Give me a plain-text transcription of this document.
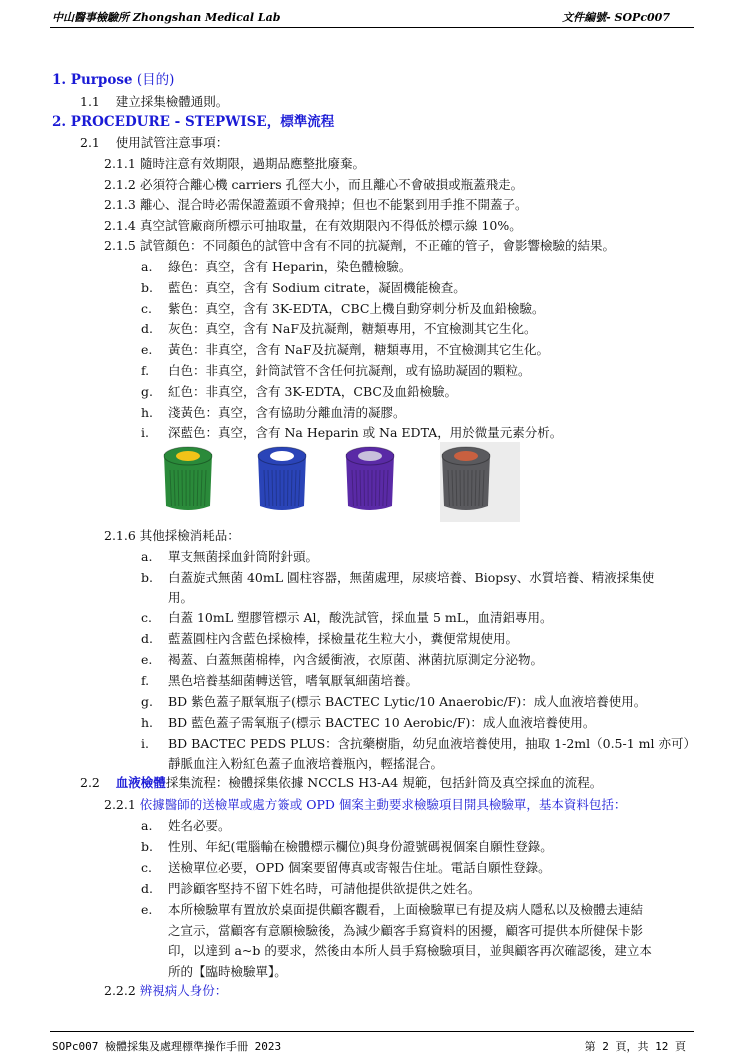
中山醫事檢驗所 Zhongshan Medical Lab	文件編號- SOPc007
1. Purpose (目的)
1.1 建立採集檢體通則。
2. PROCEDURE - STEPWISE，標準流程
2.1 使用試管注意事項：
2.1.1 隨時注意有效期限，過期品應整批廢棄。
2.1.2 必須符合離心機 carriers 孔徑大小，而且離心不會破損或瓶蓋飛走。
2.1.3 離心、混合時必需保證蓋頭不會飛掉；但也不能緊到用手推不開蓋子。
2.1.4 真空試管廠商所標示可抽取量，在有效期限內不得低於標示線 10%。
2.1.5 試管顏色：不同顏色的試管中含有不同的抗凝劑，不正確的管子，會影響檢驗的結果。
a. 綠色：真空，含有 Heparin，染色體檢驗。
b. 藍色：真空，含有 Sodium citrate，凝固機能檢查。
c. 紫色：真空，含有 3K-EDTA，CBC上機自動穿刺分析及血鉛檢驗。
d. 灰色：真空，含有 NaF及抗凝劑，糖類專用，不宜檢測其它生化。
e. 黃色：非真空，含有 NaF及抗凝劑，糖類專用，不宜檢測其它生化。
f. 白色：非真空，針筒試管不含任何抗凝劑，或有協助凝固的顆粒。
g. 紅色：非真空，含有 3K-EDTA，CBC及血鉛檢驗。
h. 淺黃色：真空，含有協助分離血清的凝膠。
i. 深藍色：真空，含有 Na Heparin 或 Na EDTA，用於微量元素分析。
2.1.6 其他採檢消耗品：
a. 單支無菌採血針筒附針頭。
b. 白蓋旋式無菌 40mL 圓柱容器，無菌處理，尿痰培養、Biopsy、水質培養、精液採集使
用。
c. 白蓋 10mL 塑膠管標示 Al，酸洗試管，採血量 5 mL，血清鋁專用。
d. 藍蓋圓柱內含藍色採檢棒，採檢量花生粒大小，糞便常規使用。
e. 褐蓋、白蓋無菌棉棒，內含緩衝液，衣原菌、淋菌抗原測定分泌物。
f. 黑色培養基細菌轉送管，嗜氧厭氧細菌培養。
g. BD 紫色蓋子厭氧瓶子(標示 BACTEC Lytic/10 Anaerobic/F)：成人血液培養使用。
h. BD 藍色蓋子需氧瓶子(標示 BACTEC 10 Aerobic/F)：成人血液培養使用。
i. BD BACTEC PEDS PLUS：含抗藥樹脂，幼兒血液培養使用，抽取 1-2ml（0.5-1 ml 亦可）
靜脈血注入粉紅色蓋子血液培養瓶內，輕搖混合。
2.2 血液檢體採集流程：檢體採集依據 NCCLS H3-A4 規範，包括針筒及真空採血的流程。
2.2.1 依據醫師的送檢單或處方簽或 OPD 個案主動要求檢驗項目開具檢驗單，基本資料包括：
a. 姓名必要。
b. 性別、年紀(電腦輸在檢體標示欄位)與身份證號碼視個案自願性登錄。
c. 送檢單位必要，OPD 個案要留傳真或寄報告住址。電話自願性登錄。
d. 門診顧客堅持不留下姓名時，可請他提供欲提供之姓名。
e. 本所檢驗單有置放於桌面提供顧客觀看，上面檢驗單已有提及病人隱私以及檢體去連結
之宣示，當顧客有意願檢驗後，為減少顧客手寫資料的困擾，顧客可提供本所健保卡影
印，以達到 a~b 的要求，然後由本所人員手寫檢驗項目，並與顧客再次確認後，建立本
所的【臨時檢驗單】。
2.2.2 辨視病人身份：
SOPc007 檢體採集及處理標準操作手冊 2023	第 2 頁，共 12 頁
